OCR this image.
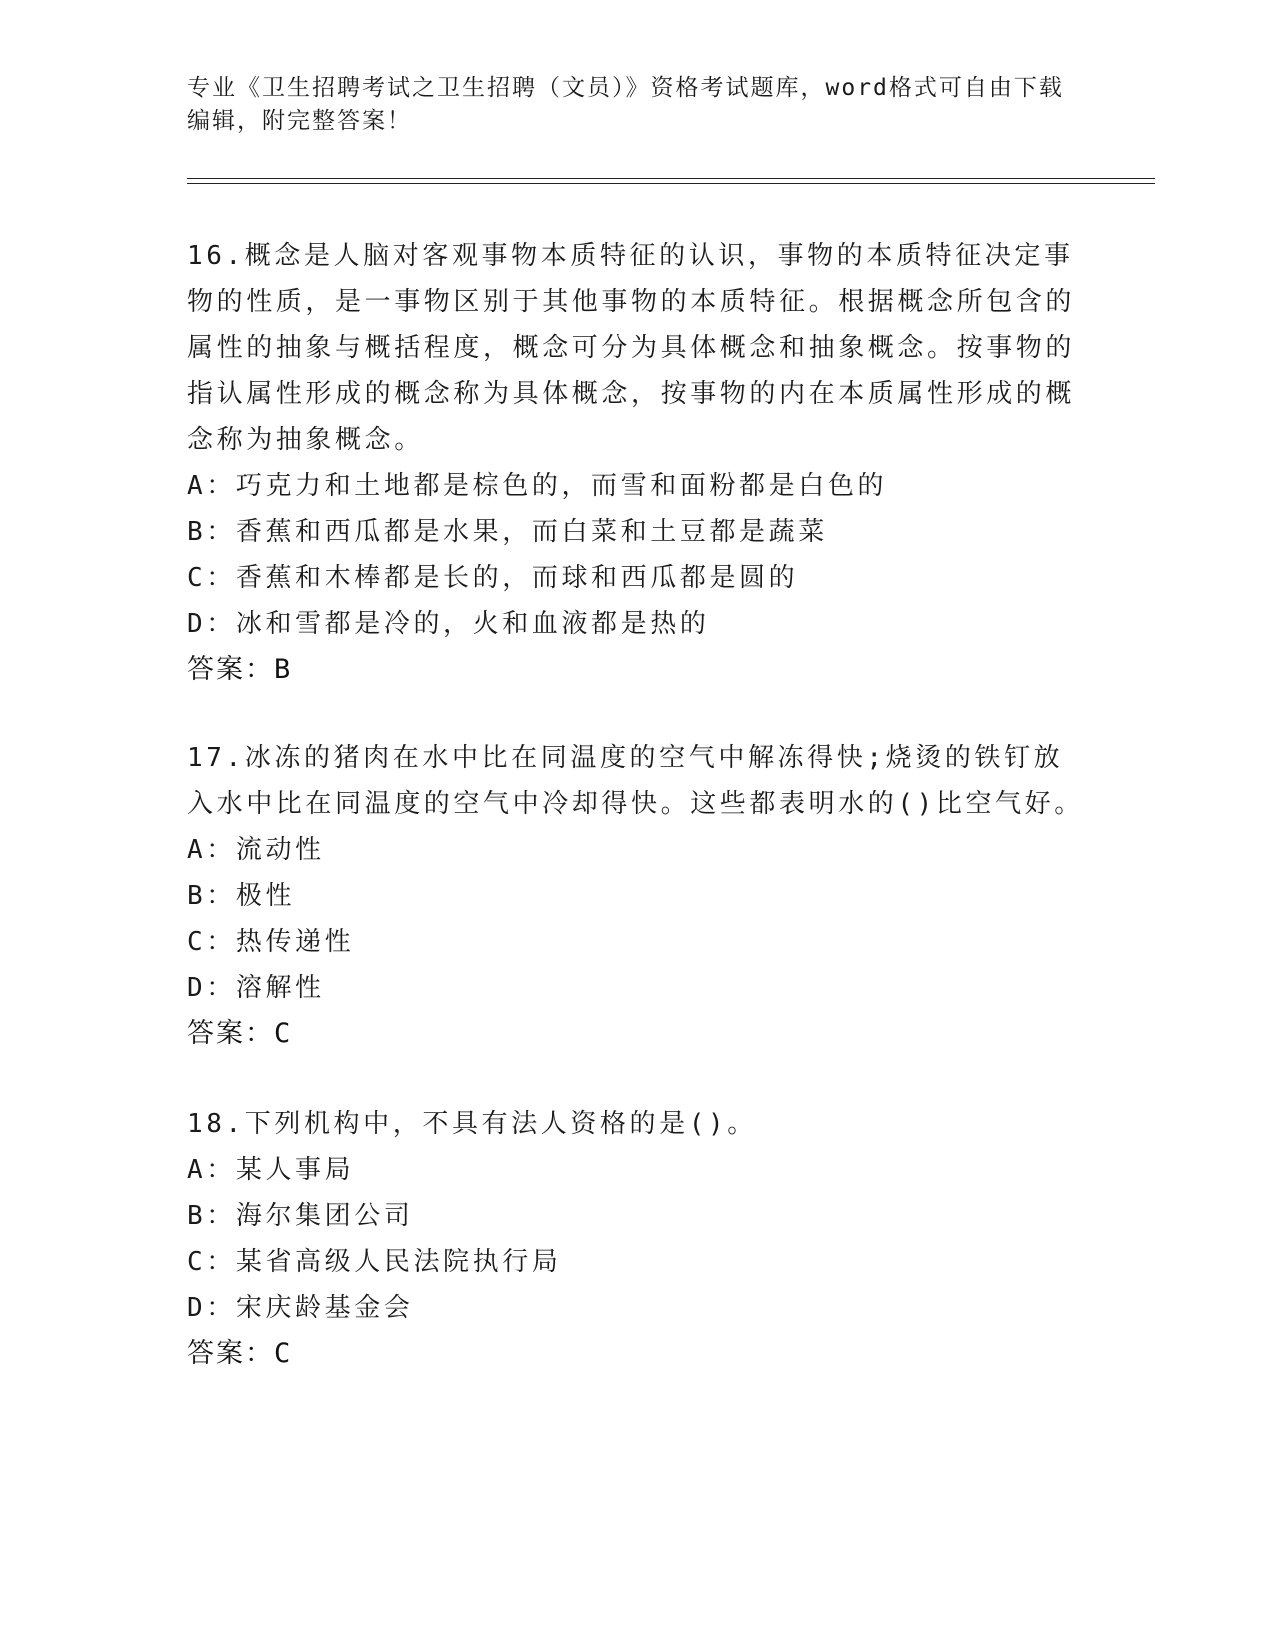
专业《卫生招聘考试之卫生招聘（文员）》资格考试题库，word格式可自由下载
编辑，附完整答案！

16.概念是人脑对客观事物本质特征的认识，事物的本质特征决定事物的性质，是一事物区别于其他事物的本质特征。根据概念所包含的属性的抽象与概括程度，概念可分为具体概念和抽象概念。按事物的指认属性形成的概念称为具体概念，按事物的内在本质属性形成的概念称为抽象概念。

A：巧克力和土地都是棕色的，而雪和面粉都是白色的

B：香蕉和西瓜都是水果，而白菜和土豆都是蔬菜

C：香蕉和木棒都是长的，而球和西瓜都是圆的

D：冰和雪都是冷的，火和血液都是热的

答案：B

17.冰冻的猪肉在水中比在同温度的空气中解冻得快;烧烫的铁钉放入水中比在同温度的空气中冷却得快。这些都表明水的()比空气好。

A：流动性

B：极性

C：热传递性

D：溶解性

答案：C

18.下列机构中，不具有法人资格的是()。

A：某人事局

B：海尔集团公司

C：某省高级人民法院执行局

D：宋庆龄基金会

答案：C
